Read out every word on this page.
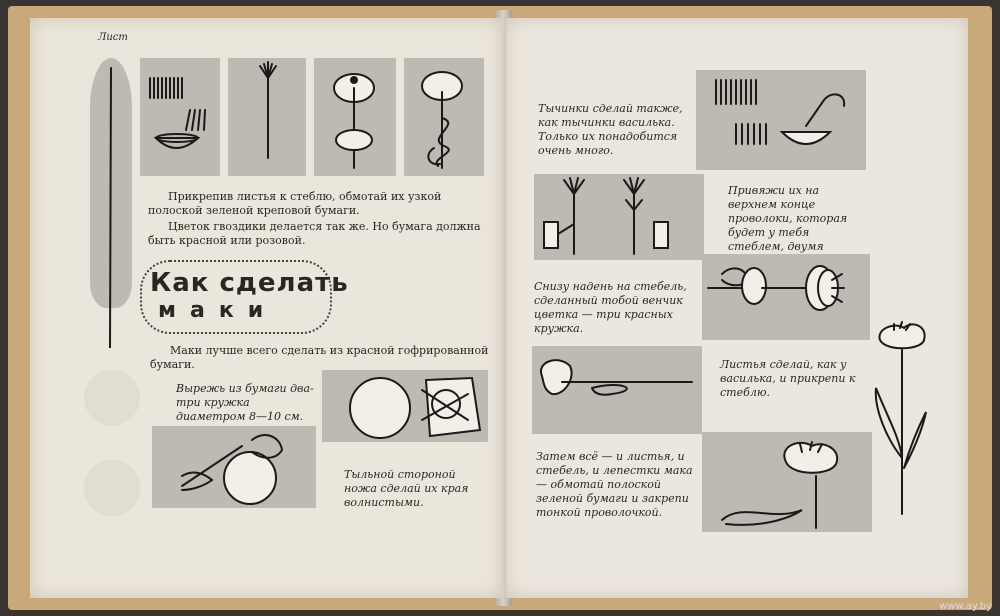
Лист

Прикрепив листья к стеблю, обмотай их узкой полоской зеленой креповой бумаги.

Цветок гвоздики делается так же. Но бумага должна быть красной или розовой.

Как сделать
маки

Маки лучше всего сделать из красной гофрированной бумаги.

Вырежь из бумаги два-три кружка диаметром 8—10 см.

Тыльной стороной ножа сделай их края волнистыми.

Тычинки сделай также, как тычинки василька. Только их понадобится очень много.

Привяжи их на верхнем конце проволоки, которая будет у тебя стеблем, двумя

Снизу надень на стебель, сделанный тобой венчик цветка — три красных кружка.

Листья сделай, как у василька, и прикрепи к стеблю.

Затем всё — и листья, и стебель, и лепестки мака — обмотай полоской зеленой бумаги и закрепи тонкой проволочкой.

www.ay.by
